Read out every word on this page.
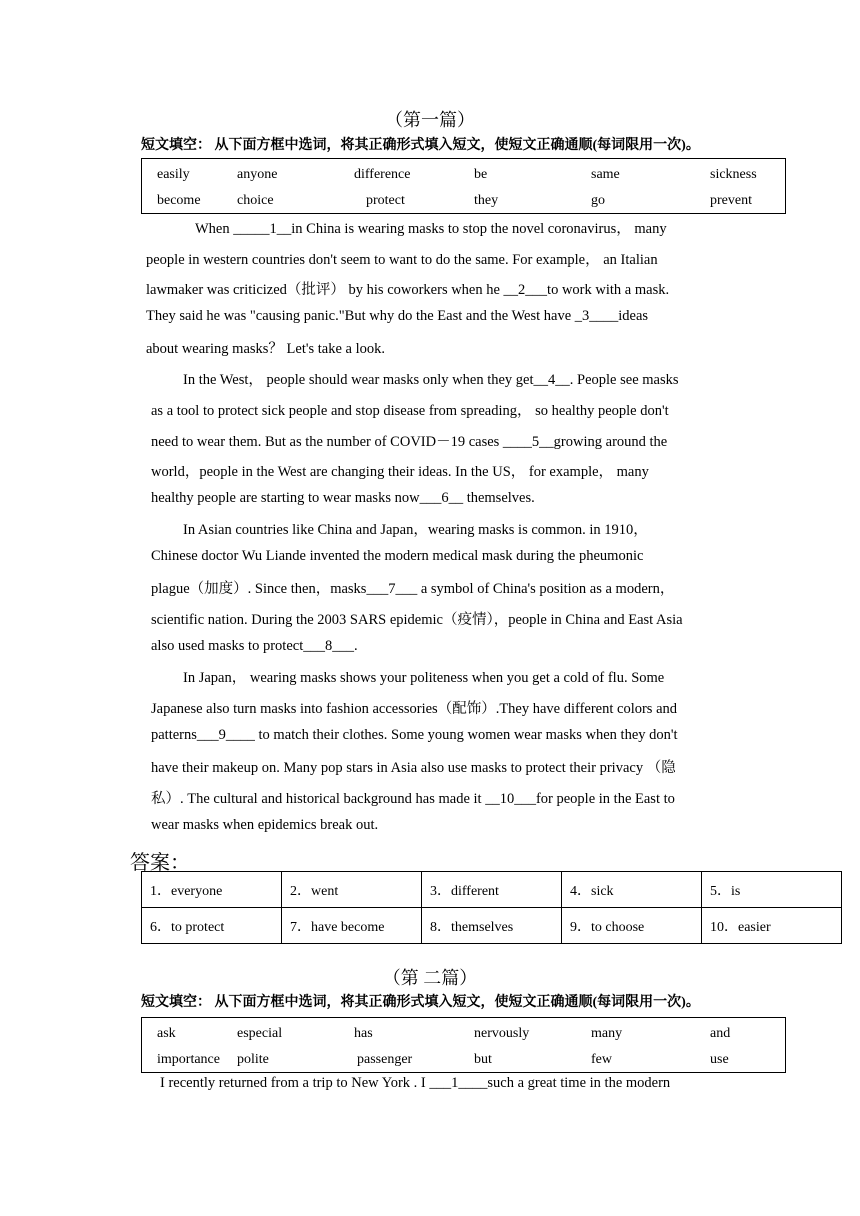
（第一篇）
短文填空： 从下面方框中选词，将其正确形式填入短文，使短文正确通顺(每词限用一次)。
easily	anyone	difference	be	same	sickness
become	choice	protect	they	go	prevent
When _____1__in China is wearing masks to stop the novel coronavirus， many
people in western countries don't seem to want to do the same. For example， an Italian
lawmaker was criticized（批评） by his coworkers when he __2___to work with a mask.
They said he was "causing panic."But why do the East and the West have _3____ideas
about wearing masks？ Let's take a look.
In the West， people should wear masks only when they get__4__. People see masks
as a tool to protect sick people and stop disease from spreading， so healthy people don't
need to wear them. But as the number of COVID－19 cases ____5__growing around the
world，people in the West are changing their ideas. In the US， for example， many
healthy people are starting to wear masks now___6__ themselves.
In Asian countries like China and Japan，wearing masks is common. in 1910，
Chinese doctor Wu Liande invented the modern medical mask during the pheumonic
plague（加度）. Since then，masks___7___ a symbol of China's position as a modern，
scientific nation. During the 2003 SARS epidemic（疫情），people in China and East Asia
also used masks to protect___8___.
In Japan， wearing masks shows your politeness when you get a cold of flu. Some
Japanese also turn masks into fashion accessories（配饰）.They have different colors and
patterns___9____ to match their clothes. Some young women wear masks when they don't
have their makeup on. Many pop stars in Asia also use masks to protect their privacy （隐
私）. The cultural and historical background has made it __10___for people in the East to
wear masks when epidemics break out.
答案：
1．everyone	2．went	3．different	4．sick	5．is
6．to protect	7．have become	8．themselves	9．to choose	10．easier
（第 二篇）
短文填空： 从下面方框中选词，将其正确形式填入短文，使短文正确通顺(每词限用一次)。
ask	especial	has	nervously	many	and
importance polite	passenger	but	few	use
I recently returned from a trip to New York . I ___1____such a great time in the modern
